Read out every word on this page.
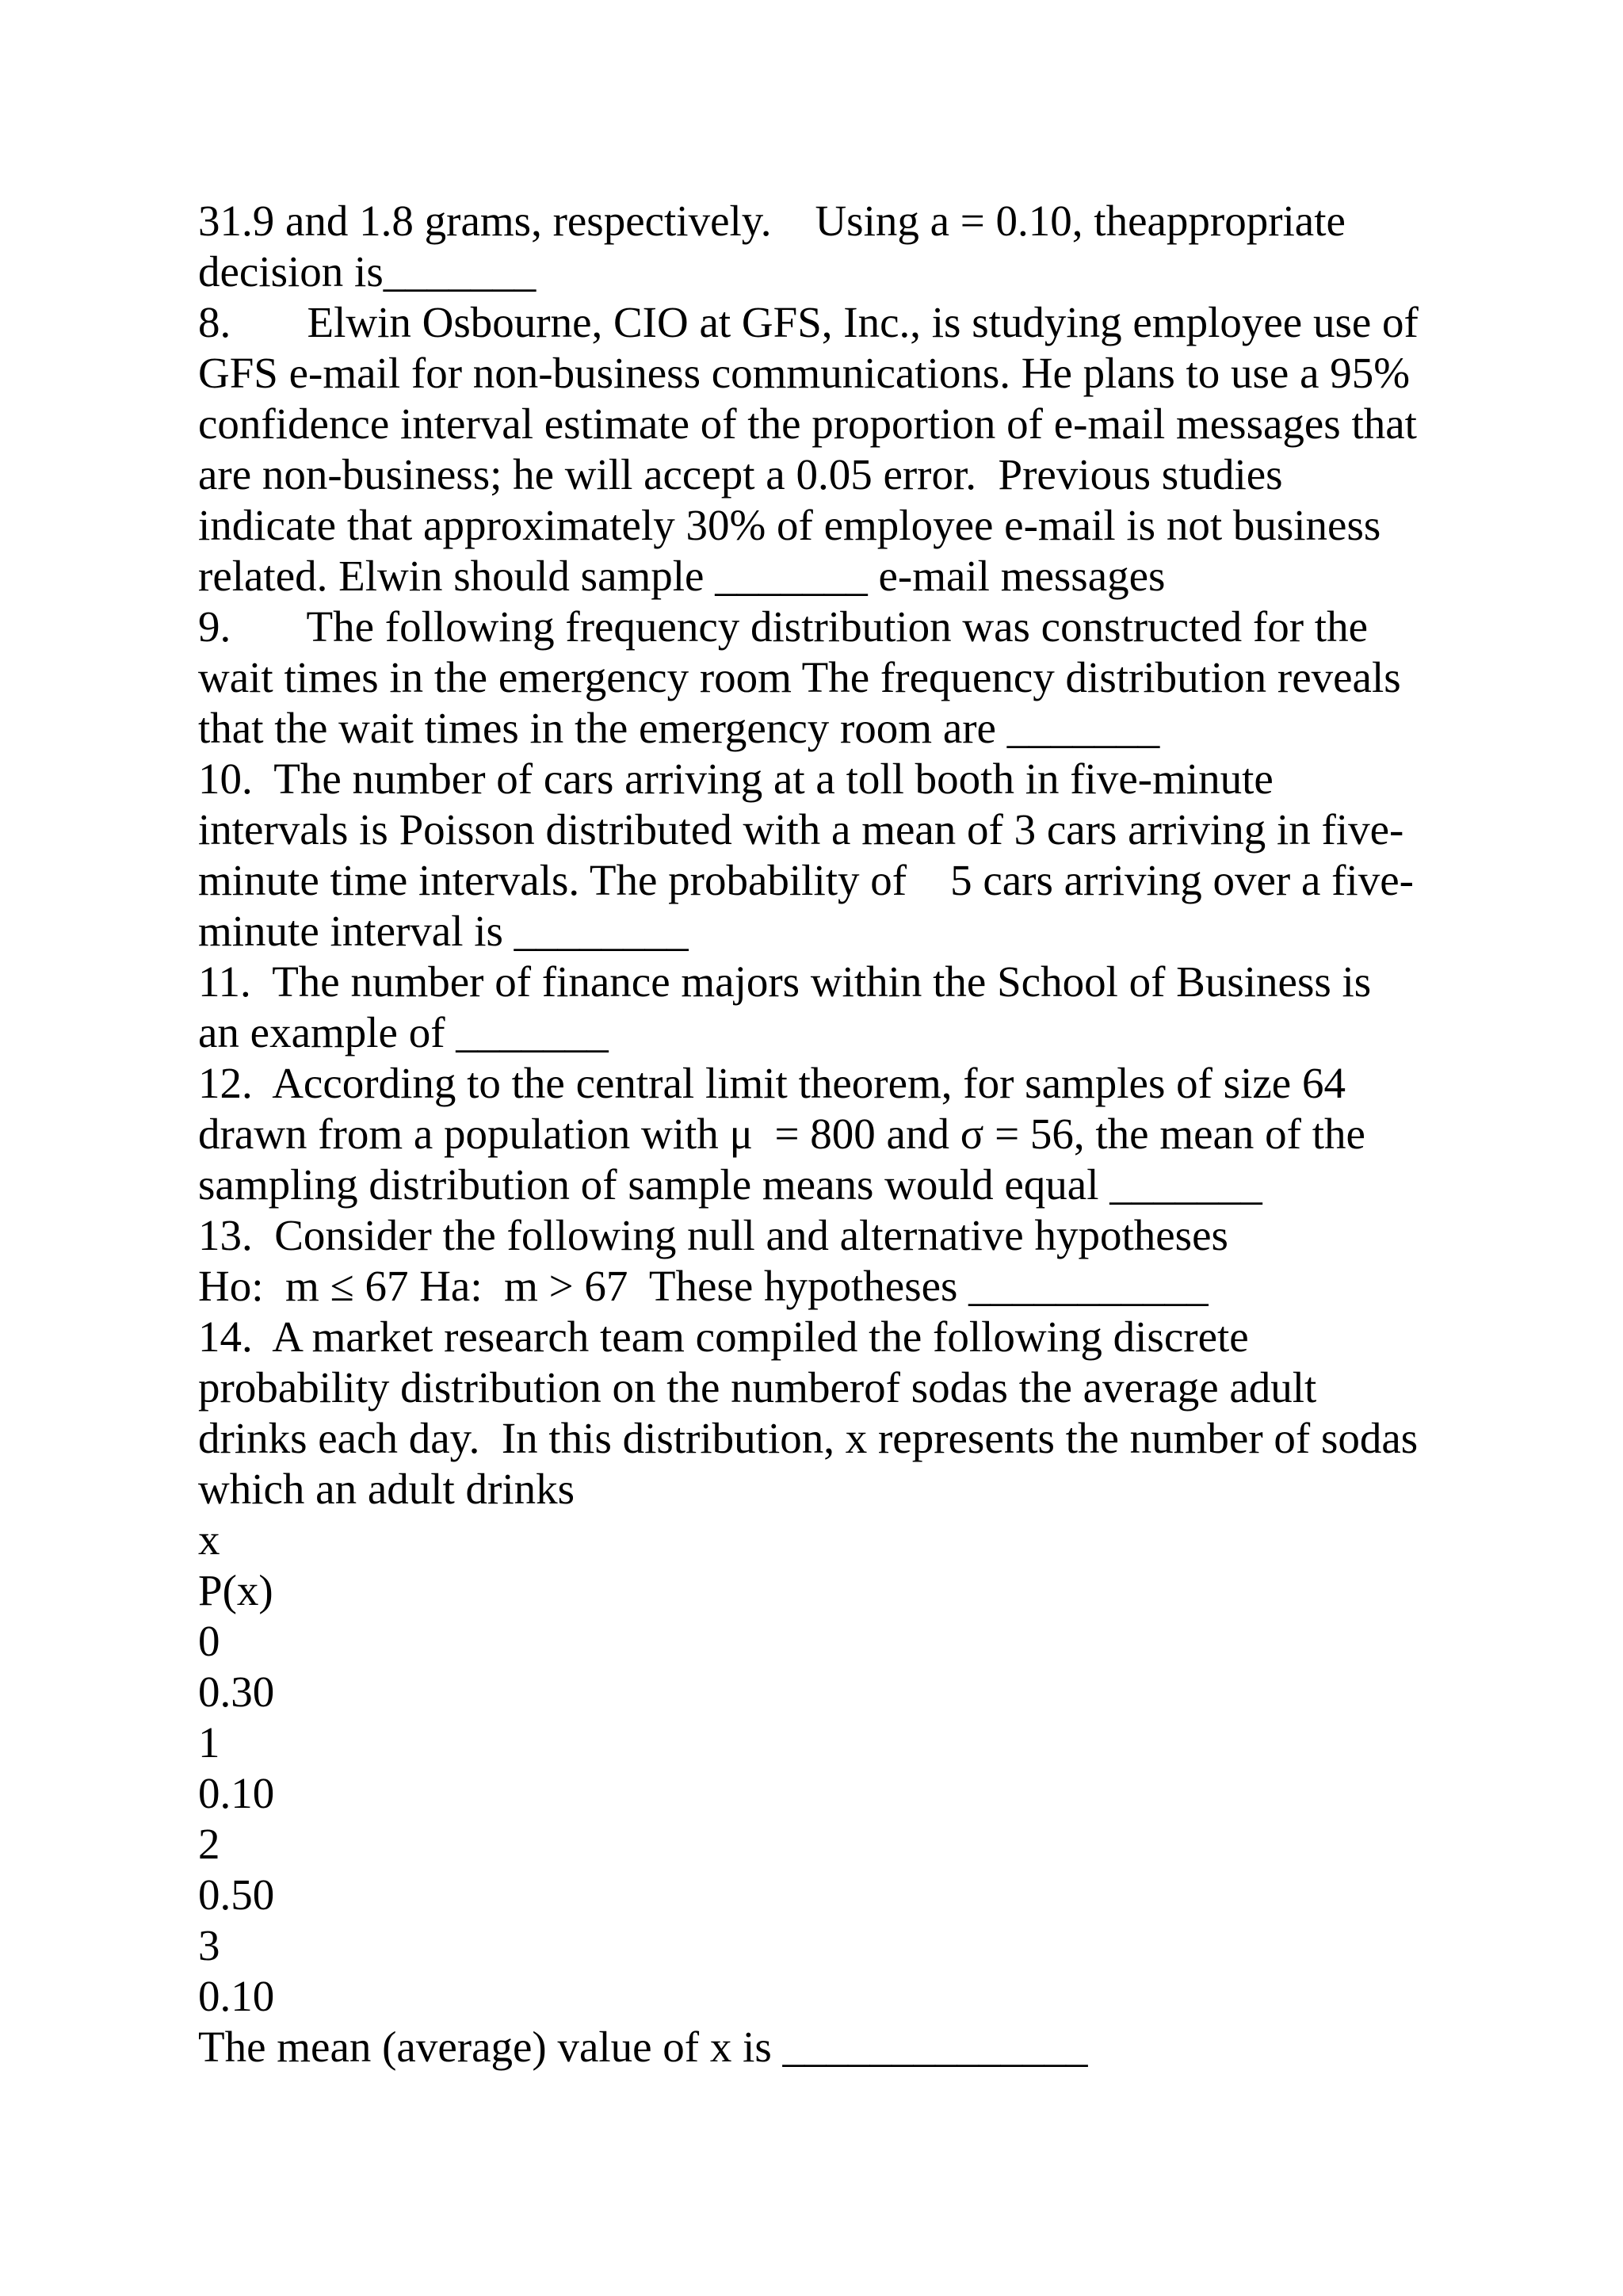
31.9 and 1.8 grams, respectively.    Using a = 0.10, theappropriate
decision is_______
8.       Elwin Osbourne, CIO at GFS, Inc., is studying employee use of
GFS e-mail for non-business communications. He plans to use a 95%
confidence interval estimate of the proportion of e-mail messages that
are non-business; he will accept a 0.05 error.  Previous studies
indicate that approximately 30% of employee e-mail is not business
related. Elwin should sample _______ e-mail messages
9.       The following frequency distribution was constructed for the
wait times in the emergency room The frequency distribution reveals
that the wait times in the emergency room are _______
10.  The number of cars arriving at a toll booth in five-minute
intervals is Poisson distributed with a mean of 3 cars arriving in five-
minute time intervals. The probability of    5 cars arriving over a five-
minute interval is ________
11.  The number of finance majors within the School of Business is
an example of _______
12.  According to the central limit theorem, for samples of size 64
drawn from a population with μ  = 800 and σ = 56, the mean of the
sampling distribution of sample means would equal _______
13.  Consider the following null and alternative hypotheses
Ho:  m ≤ 67 Ha:  m > 67  These hypotheses ___________
14.  A market research team compiled the following discrete
probability distribution on the numberof sodas the average adult
drinks each day.  In this distribution, x represents the number of sodas
which an adult drinks
x
P(x)
0
0.30
1
0.10
2
0.50
3
0.10
The mean (average) value of x is ______________
